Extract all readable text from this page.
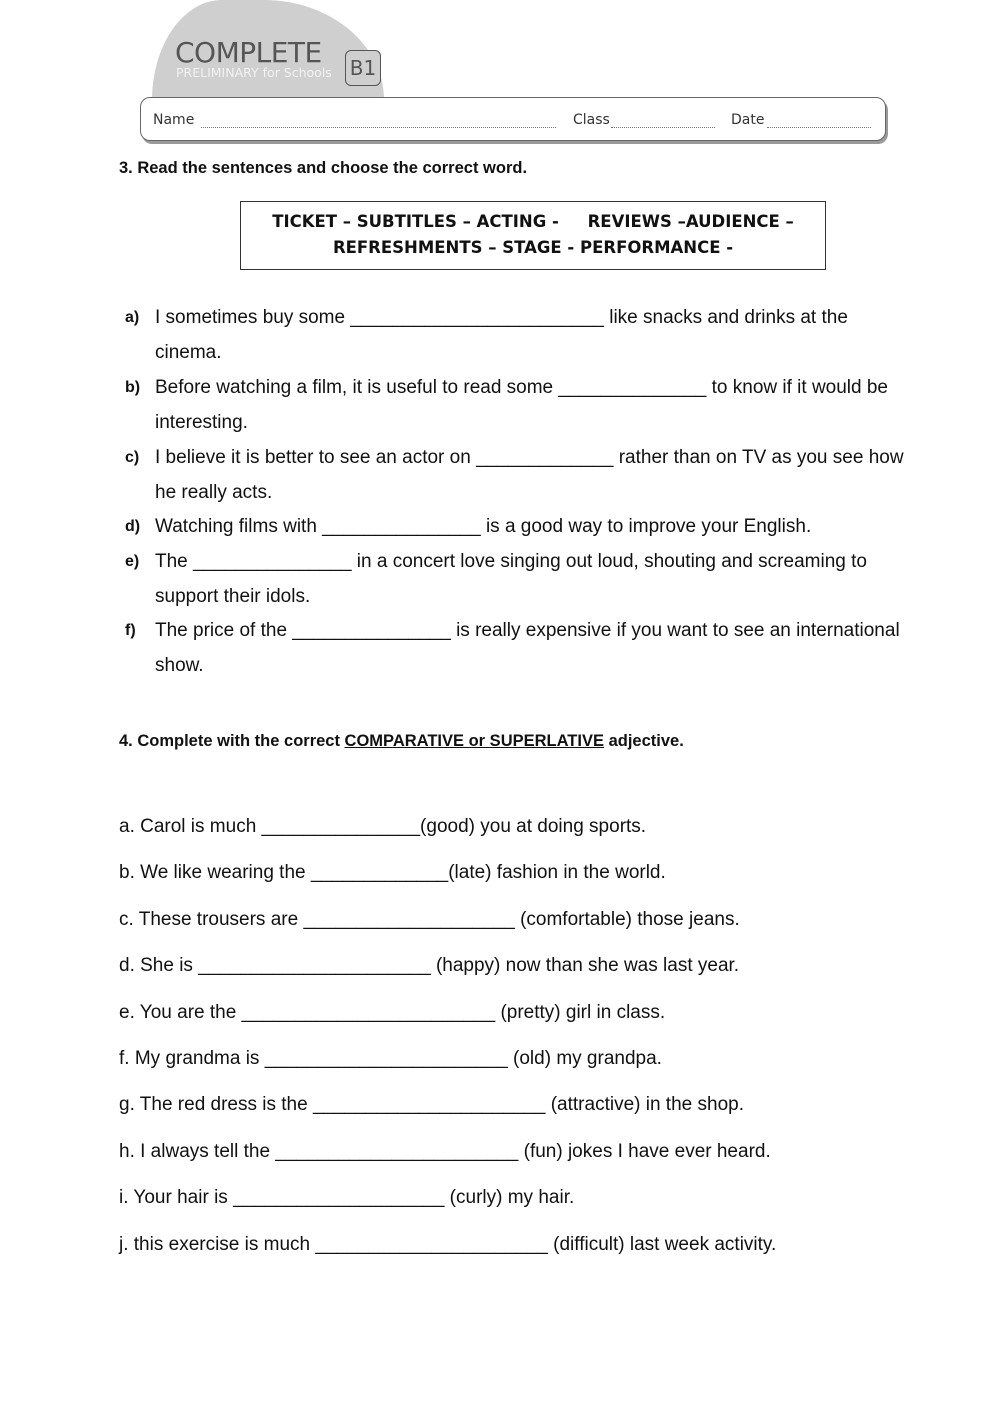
COMPLETE B1
PRELIMINARY for Schools
Name	Class	Date
3. Read the sentences and choose the correct word.
TICKET – SUBTITLES – ACTING -     REVIEWS –AUDIENCE –
REFRESHMENTS – STAGE - PERFORMANCE -
a) I sometimes buy some ________________________ like snacks and drinks at the
cinema.
b) Before watching a film, it is useful to read some ______________ to know if it would be
interesting.
c) I believe it is better to see an actor on _____________ rather than on TV as you see how
he really acts.
d) Watching films with _______________ is a good way to improve your English.
e) The _______________ in a concert love singing out loud, shouting and screaming to
support their idols.
f) The price of the _______________ is really expensive if you want to see an international
show.
4. Complete with the correct COMPARATIVE or SUPERLATIVE adjective.
a. Carol is much _______________(good) you at doing sports.
b. We like wearing the _____________(late) fashion in the world.
c. These trousers are ____________________ (comfortable) those jeans.
d. She is ______________________ (happy) now than she was last year.
e. You are the ________________________ (pretty) girl in class.
f. My grandma is _______________________ (old) my grandpa.
g. The red dress is the ______________________ (attractive) in the shop.
h. I always tell the _______________________ (fun) jokes I have ever heard.
i. Your hair is ____________________ (curly) my hair.
j. this exercise is much ______________________ (difficult) last week activity.
